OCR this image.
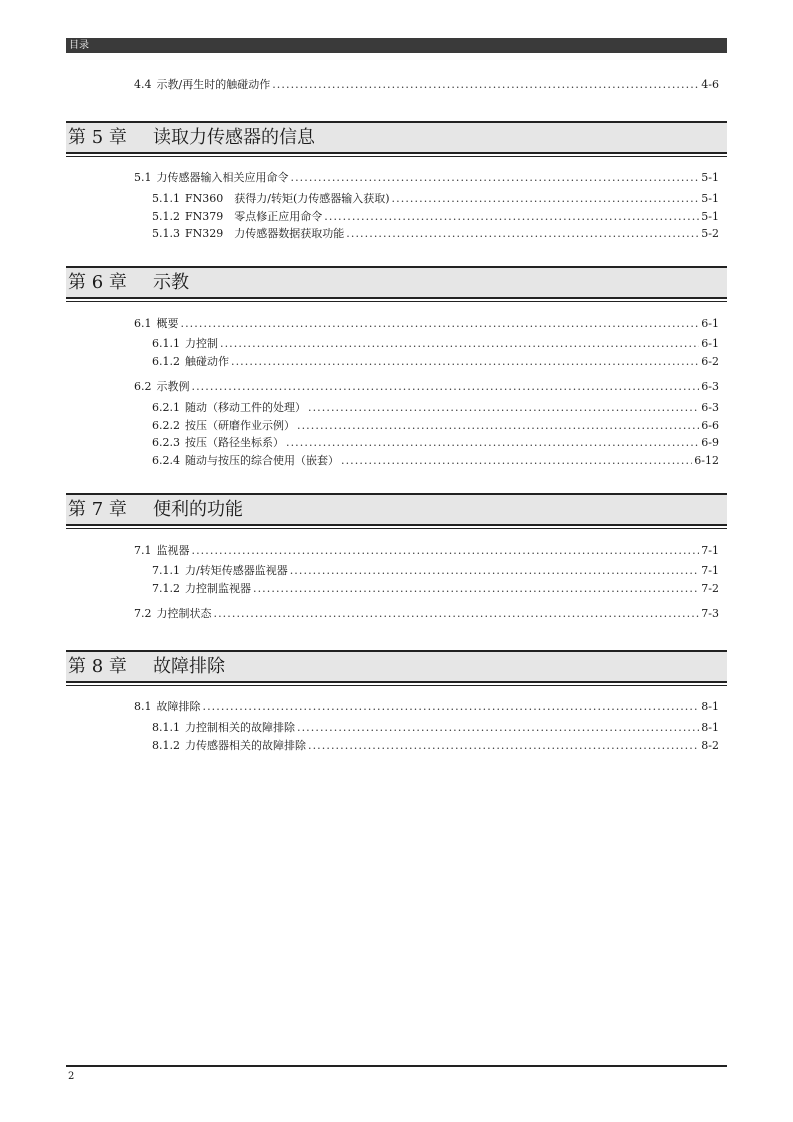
目录
4.4 示教/再生时的触碰动作 . . .	4-6
第 5 章 读取力传感器的信息
5.1 力传感器输入相关应用命令 . . .	5-1
5.1.1 FN360　获得力/转矩(力传感器输入获取) . . .	5-1
5.1.2 FN379　零点修正应用命令 . . .	5-1
5.1.3 FN329　力传感器数据获取功能 . . .	5-2
第 6 章 示教
6.1 概要 . . .	6-1
6.1.1 力控制 . . .	6-1
6.1.2 触碰动作 . . .	6-2
6.2 示教例 . . .	6-3
6.2.1 随动（移动工件的处理） . . .	6-3
6.2.2 按压（研磨作业示例） . . .	6-6
6.2.3 按压（路径坐标系） . . .	6-9
6.2.4 随动与按压的综合使用（嵌套） . . .	6-12
第 7 章 便利的功能
7.1 监视器 . . .	7-1
7.1.1 力/转矩传感器监视器 . . .	7-1
7.1.2 力控制监视器 . . .	7-2
7.2 力控制状态 . . .	7-3
第 8 章 故障排除
8.1 故障排除 . . .	8-1
8.1.1 力控制相关的故障排除 . . .	8-1
8.1.2 力传感器相关的故障排除 . . .	8-2
2
